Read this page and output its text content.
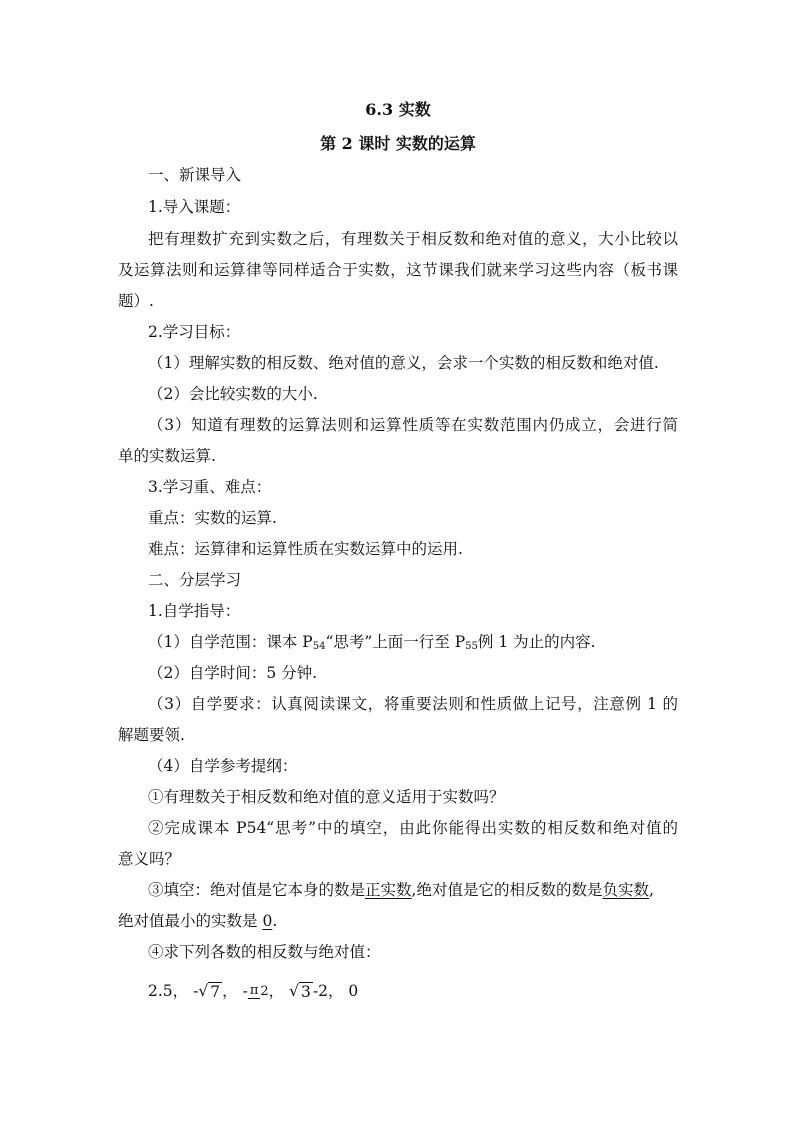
6.3 实数
第 2 课时 实数的运算
一、新课导入
1.导入课题：
把有理数扩充到实数之后，有理数关于相反数和绝对值的意义，大小比较以
及运算法则和运算律等同样适合于实数，这节课我们就来学习这些内容（板书课
题）.
2.学习目标：
（1）理解实数的相反数、绝对值的意义，会求一个实数的相反数和绝对值.
（2）会比较实数的大小.
（3）知道有理数的运算法则和运算性质等在实数范围内仍成立，会进行简
单的实数运算.
3.学习重、难点：
重点：实数的运算.
难点：运算律和运算性质在实数运算中的运用.
二、分层学习
1.自学指导：
（1）自学范围：课本 P54“思考”上面一行至 P55例 1 为止的内容.
（2）自学时间：5 分钟.
（3）自学要求：认真阅读课文，将重要法则和性质做上记号，注意例 1 的
解题要领.
（4）自学参考提纲：
①有理数关于相反数和绝对值的意义适用于实数吗？
②完成课本 P54“思考”中的填空，由此你能得出实数的相反数和绝对值的
意义吗？
③填空：绝对值是它本身的数是正实数,绝对值是它的相反数的数是负实数,
绝对值最小的实数是 0.
④求下列各数的相反数与绝对值：
2.5， -√ 7 ， - π 2， √ 3-2， 0
